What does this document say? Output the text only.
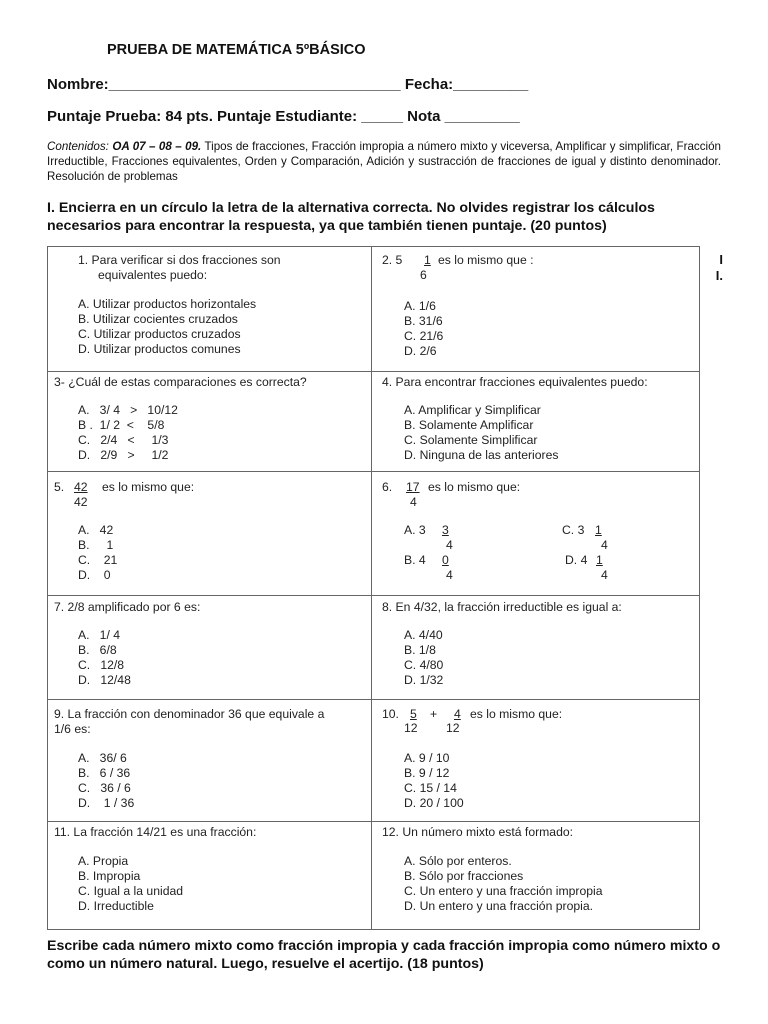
PRUEBA DE MATEMÁTICA 5ºBÁSICO
Nombre:___________________________________ Fecha:_________
Puntaje Prueba: 84 pts. Puntaje Estudiante: _____ Nota _________
Contenidos: OA 07 – 08 – 09. Tipos de fracciones, Fracción impropia a número mixto y viceversa, Amplificar y simplificar, Fracción Irreductible, Fracciones equivalentes, Orden y Comparación, Adición y sustracción de fracciones de igual y distinto denominador. Resolución de problemas
I. Encierra en un círculo la letra de la alternativa correcta. No olvides registrar los cálculos necesarios para encontrar la respuesta, ya que también tienen puntaje. (20 puntos)
I
I.
1. Para verificar si dos fracciones son
equivalentes puedo:
A. Utilizar productos horizontales
B. Utilizar cocientes cruzados
C. Utilizar productos cruzados
D. Utilizar productos comunes
2. 5 1 es lo mismo que :
6
A. 1/6
B. 31/6
C. 21/6
D. 2/6
3- ¿Cuál de estas comparaciones es correcta?
A.   3/ 4   >   10/12
B .  1/ 2  <    5/8
C.   2/4   <     1/3
D.   2/9   >     1/2
4. Para encontrar fracciones equivalentes puedo:
A. Amplificar y Simplificar
B. Solamente Amplificar
C. Solamente Simplificar
D. Ninguna de las anteriores
5. 42 es lo mismo que:
42
A.   42
B.     1
C.    21
D.    0
6. 17 es lo mismo que:
4
A. 3 3
4
B. 4 0
4
C. 3 1
4
D. 4 1
4
7. 2/8 amplificado por 6 es:
A.   1/ 4
B.   6/8
C.   12/8
D.   12/48
8. En 4/32, la fracción irreductible es igual a:
A. 4/40
B. 1/8
C. 4/80
D. 1/32
9. La fracción con denominador 36 que equivale a
1/6 es:
A.   36/ 6
B.   6 / 36
C.   36 / 6
D.    1 / 36
10. 5 + 4 es lo mismo que:
12 12
A. 9 / 10
B. 9 / 12
C. 15 / 14
D. 20 / 100
11. La fracción 14/21 es una fracción:
A. Propia
B. Impropia
C. Igual a la unidad
D. Irreductible
12. Un número mixto está formado:
A. Sólo por enteros.
B. Sólo por fracciones
C. Un entero y una fracción impropia
D. Un entero y una fracción propia.
Escribe cada número mixto como fracción impropia y cada fracción impropia como número mixto o como un número natural. Luego, resuelve el acertijo. (18 puntos)
